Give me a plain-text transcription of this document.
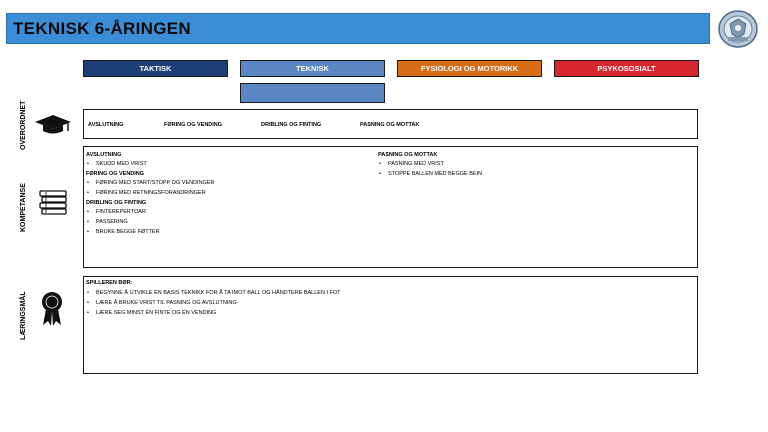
TEKNISK 6-ÅRINGEN
TAKTISK	TEKNISK	FYSIOLOGI OG MOTORIKK	PSYKOSOSIALT
OVERORDNET	AVSLUTNING	FØRING OG VENDING	DRIBLING OG FINTING	PASNING OG MOTTAK
KOMPETANSE
AVSLUTNING
• SKUDD MED VRIST
FØRING OG VENDING
• FØRING MED START/STOPP OG VENDINGER
• FØRING MED RETNINGSFORANDRINGER
DRIBLING OG FINTING
• FINTEREPERTOAR
• PASSERING
• BRUKE BEGGE FØTTER
PASNING OG MOTTAK
• PASNING MED VRIST
• STOPPE BALLEN MED BEGGE BEIN
LÆRINGSMÅL
SPILLEREN BØR:
• BEGYNNE Å UTVIKLE EN BASIS TEKNIKK FOR Å TA IMOT BALL OG HÅNDTERE BALLEN I FOT
• LÆRE Å BRUKE VRIST TIL PASNING OG AVSLUTNING
• LÆRE SEG MINST ÉN FINTE OG ÉN VENDING
